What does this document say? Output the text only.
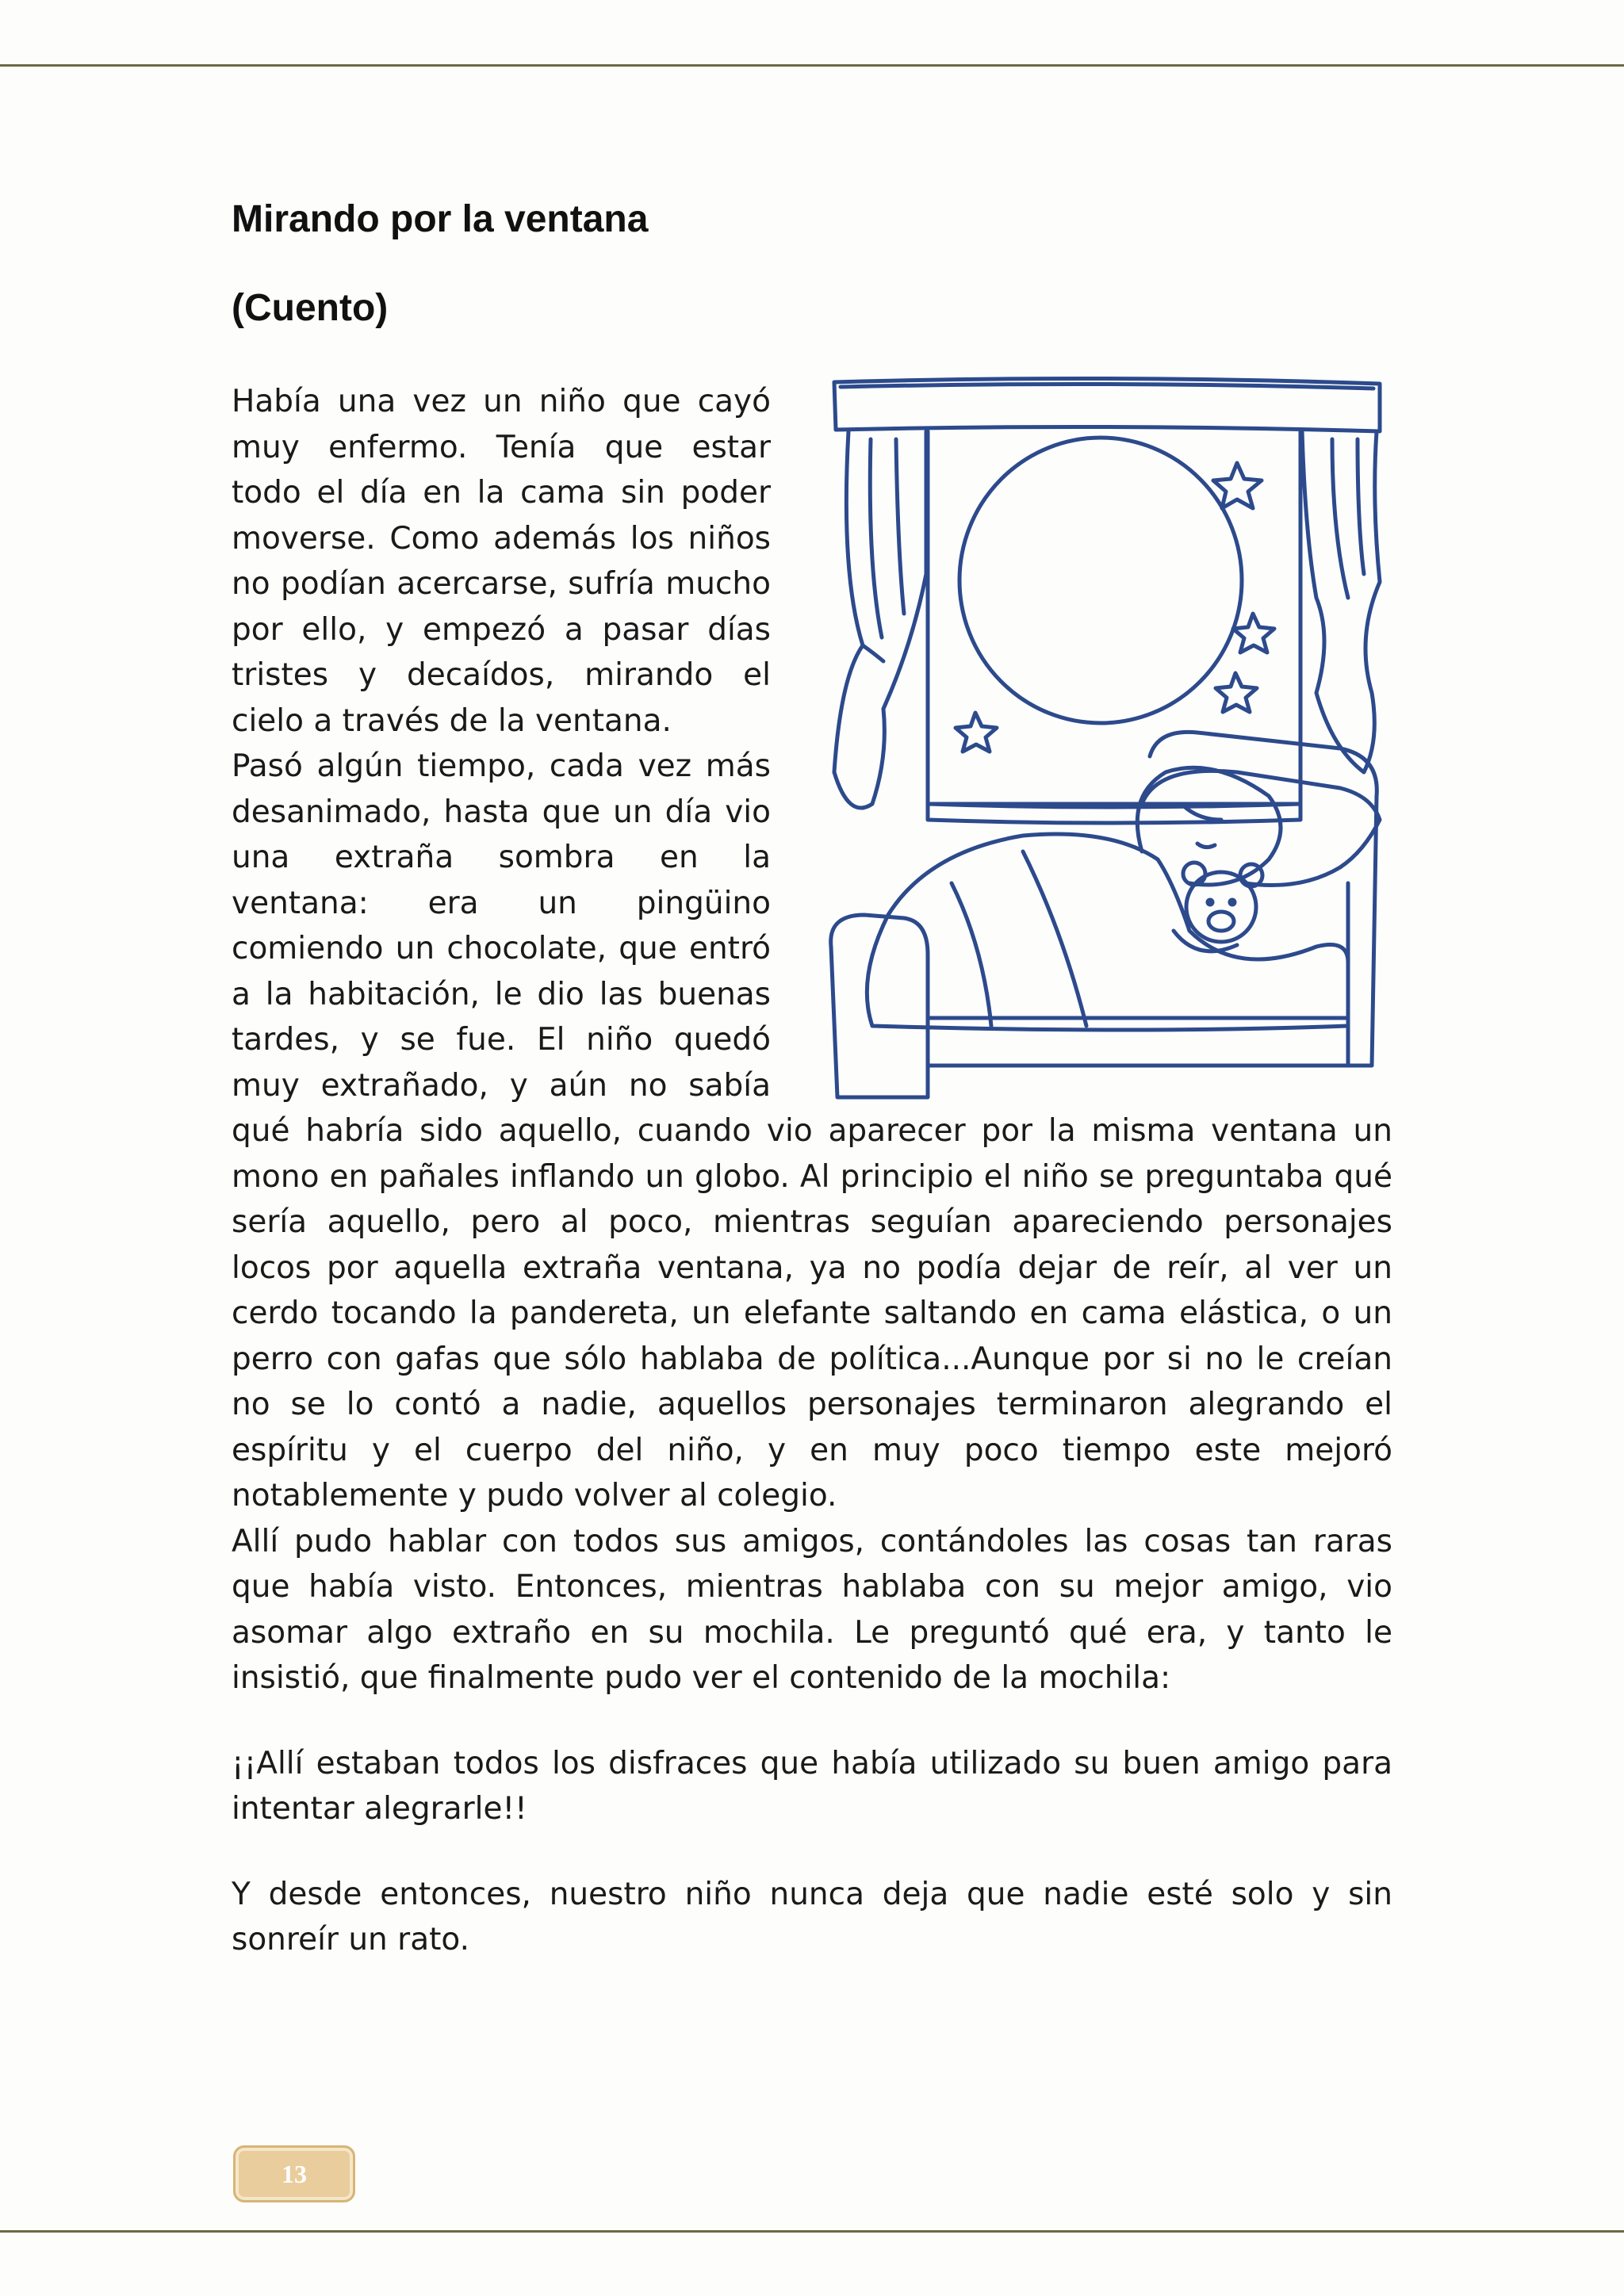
Mirando por la ventana
(Cuento)

Había una vez un niño que cayó muy enfermo. Tenía que estar todo el día en la cama sin poder moverse. Como además los niños no podían acercarse, sufría mucho por ello, y empezó a pasar días tristes y decaídos, mirando el cielo a través de la ventana.

Pasó algún tiempo, cada vez más desanimado, hasta que un día vio una extraña sombra en la ventana: era un pingüino comiendo un chocolate, que entró a la habitación, le dio las buenas tardes, y se fue. El niño quedó muy extrañado, y aún no sabía qué habría sido aquello, cuando vio aparecer por la misma ventana un mono en pañales inflando un globo. Al principio el niño se preguntaba qué sería aquello, pero al poco, mientras seguían apareciendo personajes locos por aquella extraña ventana, ya no podía dejar de reír, al ver un cerdo tocando la pandereta, un elefante saltando en cama elástica, o un perro con gafas que sólo hablaba de política...Aunque por si no le creían no se lo contó a nadie, aquellos personajes terminaron alegrando el espíritu y el cuerpo del niño, y en muy poco tiempo este mejoró notablemente y pudo volver al colegio.

Allí pudo hablar con todos sus amigos, contándoles las cosas tan raras que había visto. Entonces, mientras hablaba con su mejor amigo, vio asomar algo extraño en su mochila. Le preguntó qué era, y tanto le insistió, que finalmente pudo ver el contenido de la mochila:

¡¡Allí estaban todos los disfraces que había utilizado su buen amigo para intentar alegrarle!!

Y desde entonces, nuestro niño nunca deja que nadie esté solo y sin sonreír un rato.

13
